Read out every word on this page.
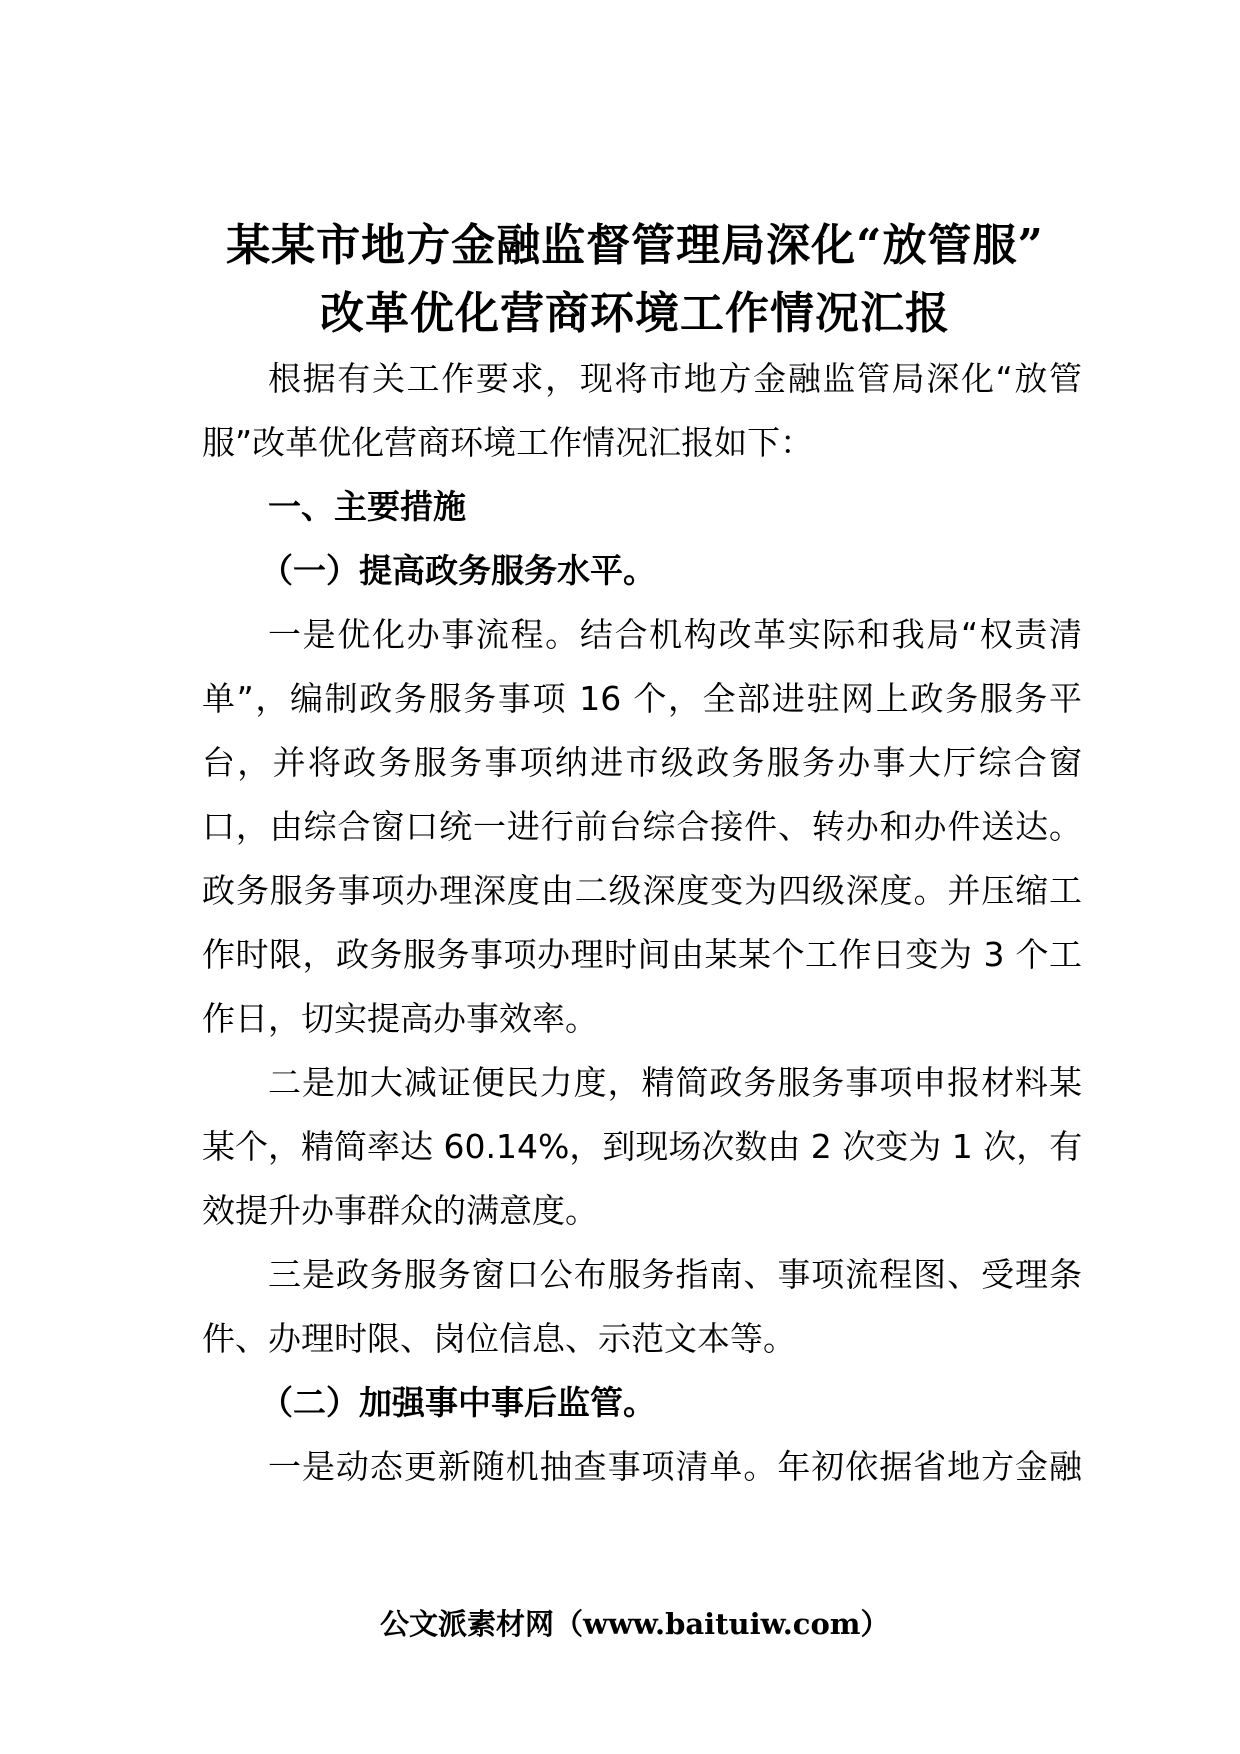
某某市地方金融监督管理局深化“放管服”
改革优化营商环境工作情况汇报
根据有关工作要求，现将市地方金融监管局深化“放管
服”改革优化营商环境工作情况汇报如下：
一、主要措施
（一）提高政务服务水平。
一是优化办事流程。结合机构改革实际和我局“权责清
单”，编制政务服务事项 16 个，全部进驻网上政务服务平
台，并将政务服务事项纳进市级政务服务办事大厅综合窗
口，由综合窗口统一进行前台综合接件、转办和办件送达。
政务服务事项办理深度由二级深度变为四级深度。并压缩工
作时限，政务服务事项办理时间由某某个工作日变为 3 个工
作日，切实提高办事效率。
二是加大减证便民力度，精简政务服务事项申报材料某
某个，精简率达 60.14%，到现场次数由 2 次变为 1 次，有
效提升办事群众的满意度。
三是政务服务窗口公布服务指南、事项流程图、受理条
件、办理时限、岗位信息、示范文本等。
（二）加强事中事后监管。
一是动态更新随机抽查事项清单。年初依据省地方金融
公文派素材网（www.baituiw.com）
